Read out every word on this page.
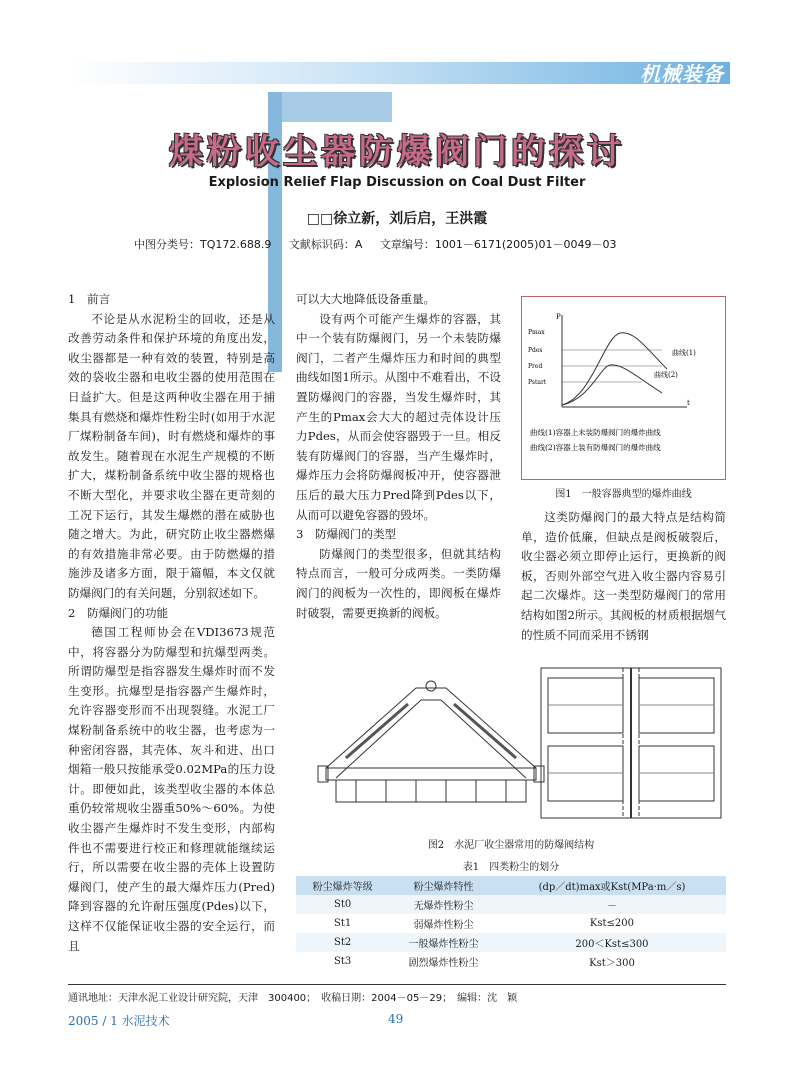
机械装备
煤粉收尘器防爆阀门的探讨
Explosion Relief Flap Discussion on Coal Dust Filter
□□徐立新，刘后启，王洪霞
中图分类号：TQ172.688.9 文献标识码：A 文章编号：1001－6171(2005)01－0049－03
1　前言

不论是从水泥粉尘的回收，还是从改善劳动条件和保护环境的角度出发，收尘器都是一种有效的装置，特别是高效的袋收尘器和电收尘器的使用范围在日益扩大。但是这两种收尘器在用于捕集具有燃烧和爆炸性粉尘时(如用于水泥厂煤粉制备车间)，时有燃烧和爆炸的事故发生。随着现在水泥生产规模的不断扩大，煤粉制备系统中收尘器的规格也不断大型化，并要求收尘器在更苛刻的工况下运行，其发生爆燃的潜在威胁也随之增大。为此，研究防止收尘器燃爆的有效措施非常必要。由于防燃爆的措施涉及诸多方面，限于篇幅，本文仅就防爆阀门的有关问题，分别叙述如下。

2　防爆阀门的功能

德国工程师协会在VDI3673规范中，将容器分为防爆型和抗爆型两类。所谓防爆型是指容器发生爆炸时而不发生变形。抗爆型是指容器产生爆炸时，允许容器变形而不出现裂缝。水泥工厂煤粉制备系统中的收尘器，也考虑为一种密闭容器，其壳体、灰斗和进、出口烟箱一般只按能承受0.02MPa的压力设计。即便如此，该类型收尘器的本体总重仍较常规收尘器重50%～60%。为使收尘器产生爆炸时不发生变形，内部构件也不需要进行校正和修理就能继续运行，所以需要在收尘器的壳体上设置防爆阀门，使产生的最大爆炸压力(Pred)降到容器的允许耐压强度(Pdes)以下，这样不仅能保证收尘器的安全运行，而且

可以大大地降低设备重量。

设有两个可能产生爆炸的容器，其中一个装有防爆阀门，另一个未装防爆阀门，二者产生爆炸压力和时间的典型曲线如图1所示。从图中不难看出，不设置防爆阀门的容器，当发生爆炸时，其产生的Pmax会大大的超过壳体设计压力Pdes，从而会使容器毁于一旦。相反装有防爆阀门的容器，当产生爆炸时，爆炸压力会将防爆阀板冲开，使容器泄压后的最大压力Pred降到Pdes以下，从而可以避免容器的毁坏。

3　防爆阀门的类型

防爆阀门的类型很多，但就其结构特点而言，一般可分成两类。一类防爆阀门的阀板为一次性的，即阀板在爆炸时破裂，需要更换新的阀板。

P
t
Pmax
Pdes
Pred
Pstart
曲线(1)
曲线(2)
曲线(1)容器上未装防爆阀门的爆炸曲线
曲线(2)容器上装有防爆阀门的爆炸曲线
图1　一般容器典型的爆炸曲线

这类防爆阀门的最大特点是结构简单，造价低廉，但缺点是阀板破裂后，收尘器必须立即停止运行，更换新的阀板，否则外部空气进入收尘器内容易引起二次爆炸。这一类型防爆阀门的常用结构如图2所示。其阀板的材质根据烟气的性质不同而采用不锈钢

图2　水泥厂收尘器常用的防爆阀结构
表1　四类粉尘的划分
粉尘爆炸等级	粉尘爆炸特性	(dp／dt)max或Kst(MPa·m／s)
St0	无爆炸性粉尘	－
St1	弱爆炸性粉尘	Kst≤200
St2	一般爆炸性粉尘	200＜Kst≤300
St3	剧烈爆炸性粉尘	Kst＞300
通讯地址：天津水泥工业设计研究院，天津　300400；　收稿日期：2004－05－29；　编辑：沈　颖
2005 / 1 水泥技术	49
